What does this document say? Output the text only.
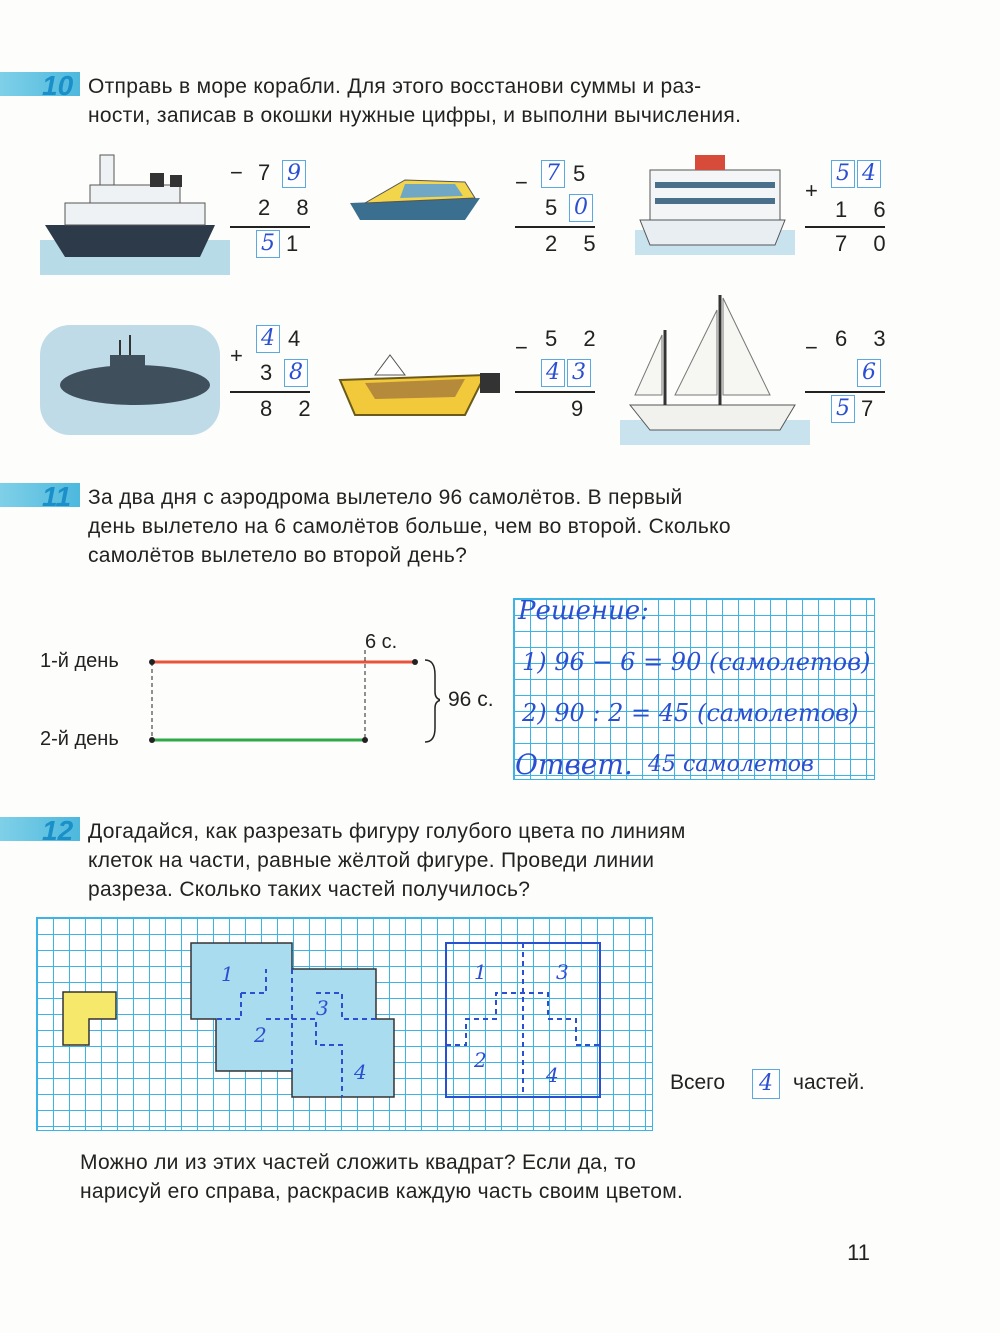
10 Отправь в море корабли. Для этого восстанови суммы и раз-
ности, записав в окошки нужные цифры, и выполни вычисления.
− 7 9
2 8
5 1
− 7 5
5 0
2 5
+
5 4
1 6
7 0
+
4 4
3 8
8 2
− 5 2
4 3
9
− 6 3
6
5 7
11 За два дня с аэродрома вылетело 96 самолётов. В первый
день вылетело на 6 самолётов больше, чем во второй. Сколько
самолётов вылетело во второй день?
1-й день
2-й день
6 с.
96 с.
Решение:
1) 96 − 6 = 90 (самолетов)
2) 90 : 2 = 45 (самолетов)
Ответ. 45 самолетов
12 Догадайся, как разрезать фигуру голубого цвета по линиям
клеток на части, равные жёлтой фигуре. Проведи линии
разреза. Сколько таких частей получилось?
1
2
3
4
1	3
2
4	Всего	4 частей.
Можно ли из этих частей сложить квадрат? Если да, то
нарисуй его справа, раскрасив каждую часть своим цветом.
11
